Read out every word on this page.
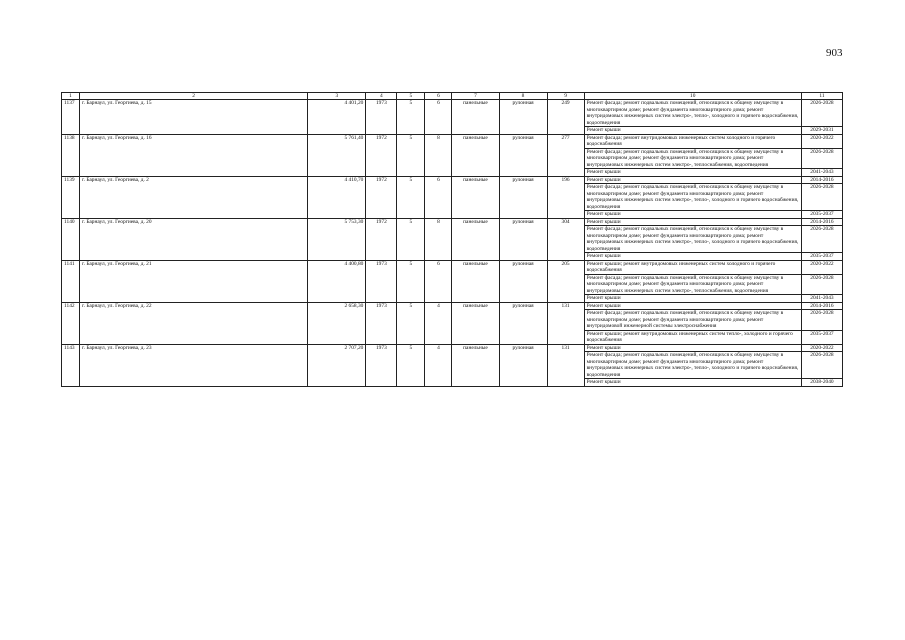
903
1	2	3	4	5	6	7	8	9	10	11
1137	г. Барнаул, ул. Георгиева, д. 15	4 401,20	1973	5	6	панельные	рулонная	249	Ремонт фасада; ремонт подвальных помещений, относящихся к общему имуществу в многоквартирном доме; ремонт фундамента многоквартирного дома; ремонт внутридомовых инженерных систем электро-, тепло-, холодного и горячего водоснабжения, водоотведения	2026-2028
									Ремонт крыши	2029-2031
1138	г. Барнаул, ул. Георгиева, д. 16	5 761,40	1972	5	8	панельные	рулонная	277	Ремонт фасада; ремонт внутридомовых инженерных систем холодного и горячего водоснабжения	2020-2022
									Ремонт фасада; ремонт подвальных помещений, относящихся к общему имуществу в многоквартирном доме; ремонт фундамента многоквартирного дома; ремонт внутридомовых инженерных систем электро-, теплоснабжения, водоотведения	2026-2028
									Ремонт крыши	2041-2043
1139	г. Барнаул, ул. Георгиева, д. 2	4 410,70	1972	5	6	панельные	рулонная	196	Ремонт крыши	2014-2016
									Ремонт фасада; ремонт подвальных помещений, относящихся к общему имуществу в многоквартирном доме; ремонт фундамента многоквартирного дома; ремонт внутридомовых инженерных систем электро-, тепло-, холодного и горячего водоснабжения, водоотведения	2026-2028
									Ремонт крыши	2035-2037
1140	г. Барнаул, ул. Георгиева, д. 20	5 753,30	1972	5	8	панельные	рулонная	304	Ремонт крыши	2014-2016
									Ремонт фасада; ремонт подвальных помещений, относящихся к общему имуществу в многоквартирном доме; ремонт фундамента многоквартирного дома; ремонт внутридомовых инженерных систем электро-, тепло-, холодного и горячего водоснабжения, водоотведения	2026-2028
									Ремонт крыши	2035-2037
1141	г. Барнаул, ул. Георгиева, д. 21	4 400,80	1973	5	6	панельные	рулонная	205	Ремонт крыши; ремонт внутридомовых инженерных систем холодного и горячего водоснабжения	2020-2022
									Ремонт фасада; ремонт подвальных помещений, относящихся к общему имуществу в многоквартирном доме; ремонт фундамента многоквартирного дома; ремонт внутридомовых инженерных систем электро-, теплоснабжения, водоотведения	2026-2028
									Ремонт крыши	2041-2043
1142	г. Барнаул, ул. Георгиева, д. 22	2 658,30	1973	5	4	панельные	рулонная	131	Ремонт крыши	2014-2016
									Ремонт фасада; ремонт подвальных помещений, относящихся к общему имуществу в многоквартирном доме; ремонт фундамента многоквартирного дома; ремонт внутридомовой инженерной системы электроснабжения	2026-2028
									Ремонт крыши; ремонт внутридомовых инженерных систем тепло-, холодного и горячего водоснабжения	2035-2037
1143	г. Барнаул, ул. Георгиева, д. 23	2 707,20	1973	5	4	панельные	рулонная	131	Ремонт крыши	2020-2022
									Ремонт фасада; ремонт подвальных помещений, относящихся к общему имуществу в многоквартирном доме; ремонт фундамента многоквартирного дома; ремонт внутридомовых инженерных систем электро-, тепло-, холодного и горячего водоснабжения, водоотведения	2026-2028
									Ремонт крыши	2038-2040
